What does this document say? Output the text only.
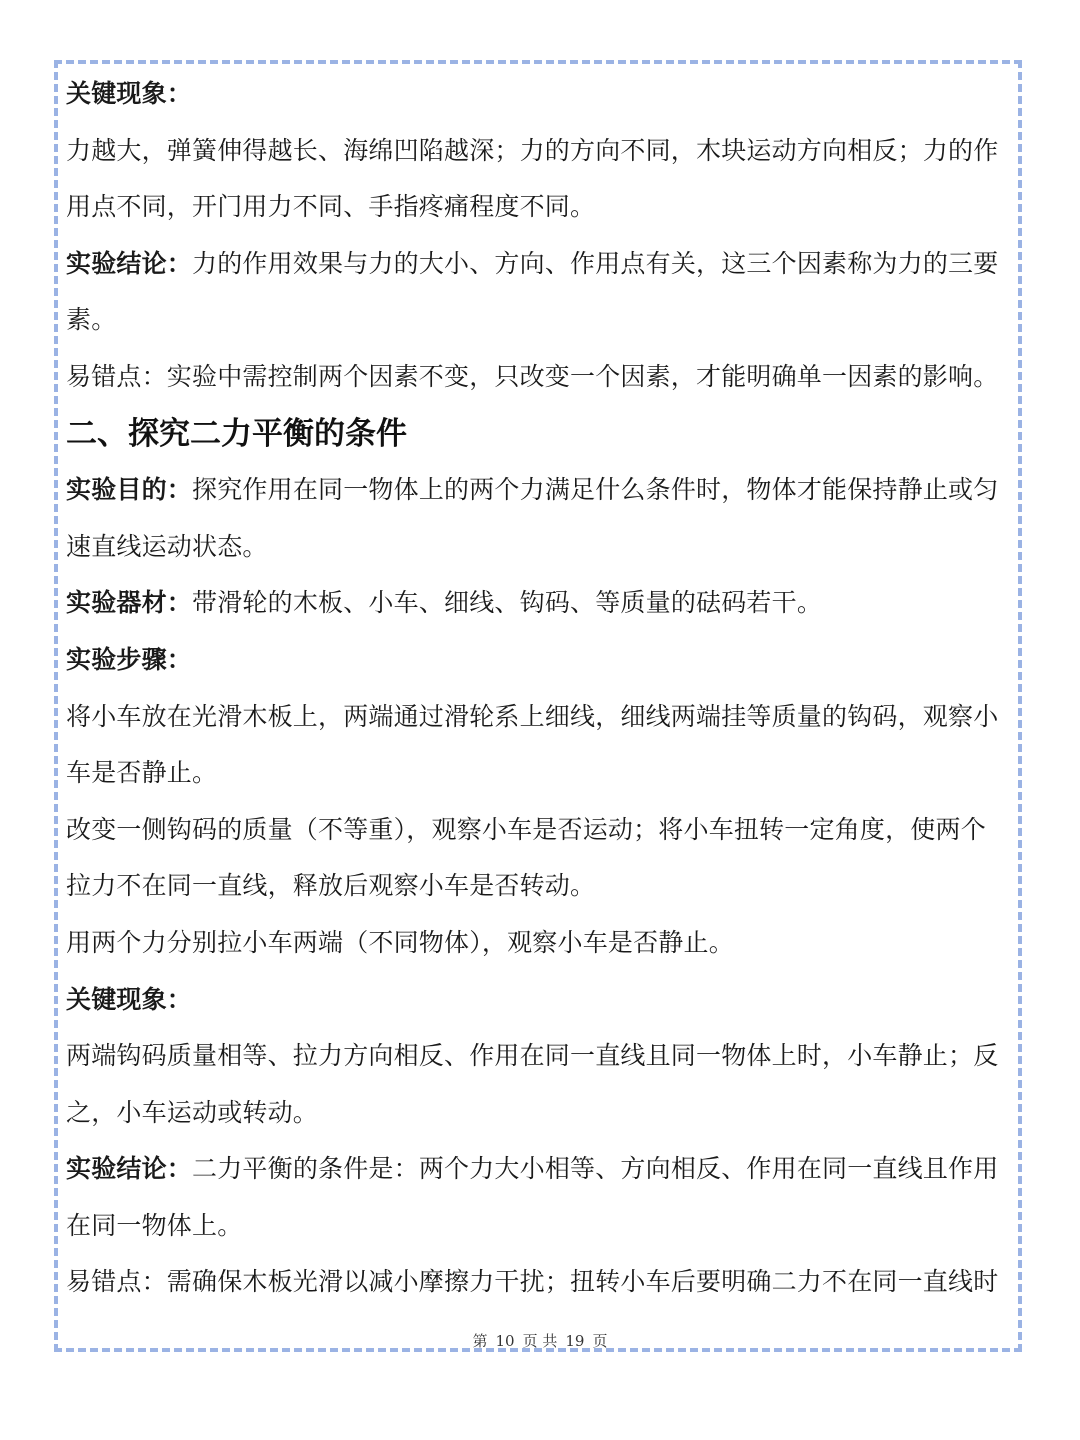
关键现象：
力越大，弹簧伸得越长、海绵凹陷越深；力的方向不同，木块运动方向相反；力的作
用点不同，开门用力不同、手指疼痛程度不同。
实验结论：力的作用效果与力的大小、方向、作用点有关，这三个因素称为力的三要
素。
易错点：实验中需控制两个因素不变，只改变一个因素，才能明确单一因素的影响。
二、探究二力平衡的条件
实验目的：探究作用在同一物体上的两个力满足什么条件时，物体才能保持静止或匀
速直线运动状态。
实验器材：带滑轮的木板、小车、细线、钩码、等质量的砝码若干。
实验步骤：
将小车放在光滑木板上，两端通过滑轮系上细线，细线两端挂等质量的钩码，观察小
车是否静止。
改变一侧钩码的质量（不等重），观察小车是否运动；将小车扭转一定角度，使两个
拉力不在同一直线，释放后观察小车是否转动。
用两个力分别拉小车两端（不同物体），观察小车是否静止。
关键现象：
两端钩码质量相等、拉力方向相反、作用在同一直线且同一物体上时，小车静止；反
之，小车运动或转动。
实验结论：二力平衡的条件是：两个力大小相等、方向相反、作用在同一直线且作用
在同一物体上。
易错点：需确保木板光滑以减小摩擦力干扰；扭转小车后要明确二力不在同一直线时
第 10 页 共 19 页
